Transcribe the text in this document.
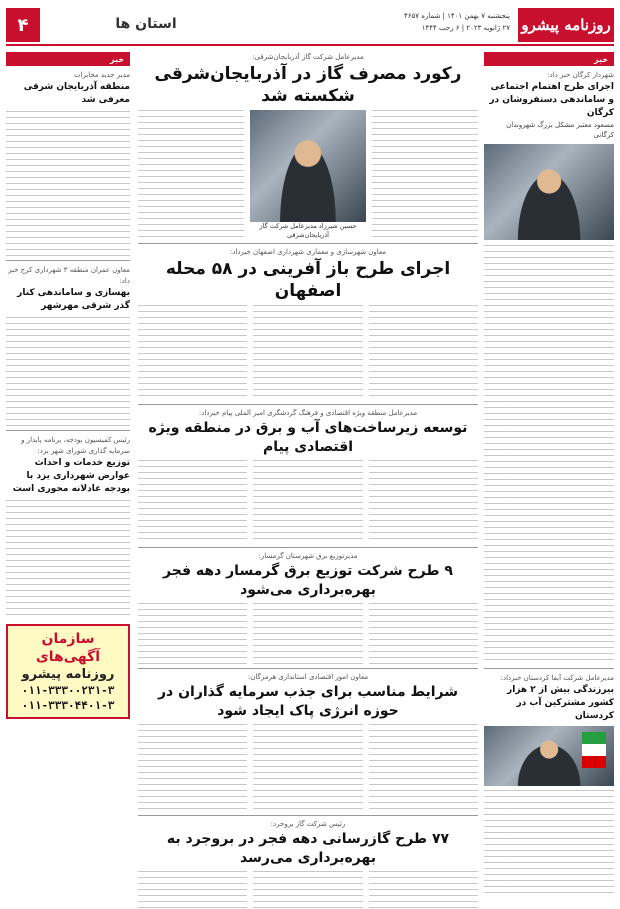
۴	استان ها	روزنامه پیشرو
پنجشنبه ۷ بهمن ۱۴۰۱ | شماره ۴۶۵۷
۲۷ ژانویه ۲۰۲۳ | ۶ رجب ۱۴۴۴
خبر
شهردار کرگان خبر داد:
اجرای طرح اهتمام اجتماعی و ساماندهی دستفروشان در کرگان
مسعود معتبر مشکل بزرگ شهروندان کرگانی
مدیرعامل شرکت آبفا کردستان خبرداد:
بیرزندگی بیش از ۲ هزار کشور مشترکین آب در کردستان
خبر
مدیر جدید مخابرات
منطقه آذربایجان شرقی معرفی شد
معاون عمران منطقه ۳ شهرداری کرج خبر داد:
بهسازی و ساماندهی کنار گذر شرقی مهرشهر
رئیس کمیسیون بودجه، برنامه پایدار و سرمایه گذاری شورای شهر یزد:
توزیع خدمات و احداث عوارض شهرداری یزد با بودجه عادلانه محوری است
سازمان
آگهی‌های
روزنامه پیشرو
۰۱۱-۳۳۳۰۰۲۳۱-۳
۰۱۱-۳۳۳۰۴۴۰۱-۳
مدیرعامل شرکت گاز آذربایجان‌شرقی:
رکورد مصرف گاز در آذربایجان‌شرقی شکسته شد
حسین شیرزاد مدیرعامل شرکت گاز آذربایجان‌شرقی
معاون شهرسازی و معماری شهرداری اصفهان خبرداد:
اجرای طرح باز آفرینی در ۵۸ محله اصفهان
مدیرعامل منطقه ویژه اقتصادی و فرهنگ گردشگری امیر الملی پیام خبرداد:
توسعه زیرساخت‌های آب و برق در منطقه ویژه اقتصادی پیام
مدیرتوزیع برق شهرستان گرمسار:
۹ طرح شرکت توزیع برق گرمسار دهه فجر بهره‌برداری می‌شود
معاون امور اقتصادی استانداری هرمزگان:
شرایط مناسب برای جذب سرمایه گذاران در حوزه انرژی پاک ایجاد شود
رئیس شرکت گاز بروجرد:
۷۷ طرح گازرسانی دهه فجر در بروجرد به بهره‌برداری می‌رسد
